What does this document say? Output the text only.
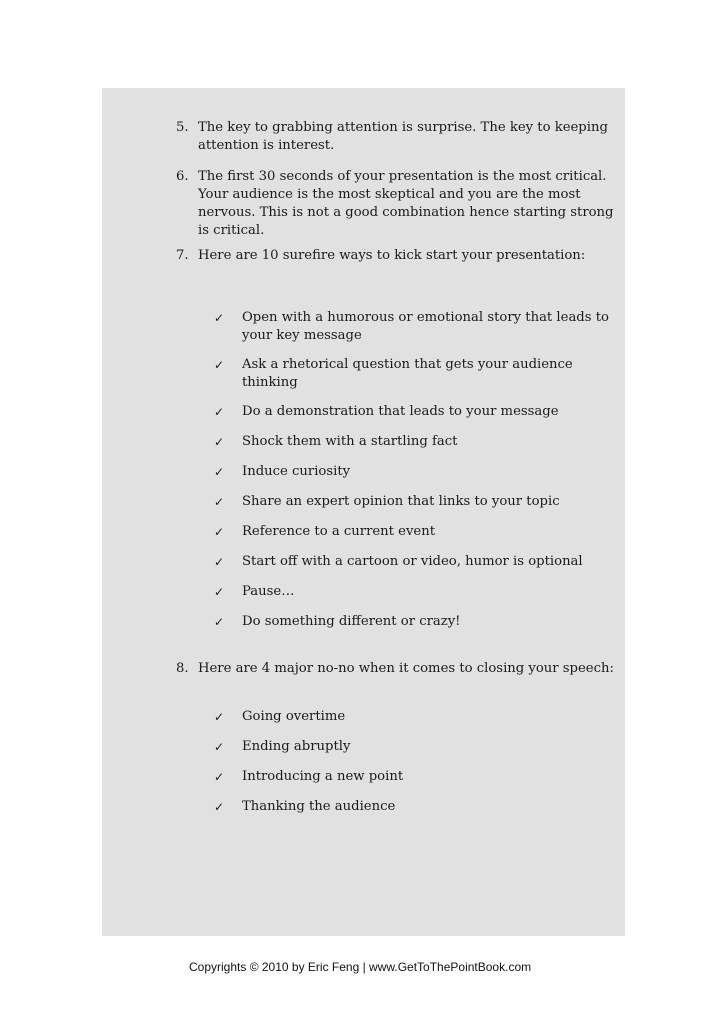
5. The key to grabbing attention is surprise. The key to keeping attention is interest.
6. The first 30 seconds of your presentation is the most critical. Your audience is the most skeptical and you are the most nervous. This is not a good combination hence starting strong is critical.
7. Here are 10 surefire ways to kick start your presentation:
✓	Open with a humorous or emotional story that leads to your key message
✓	Ask a rhetorical question that gets your audience thinking
✓	Do a demonstration that leads to your message
✓	Shock them with a startling fact
✓	Induce curiosity
✓	Share an expert opinion that links to your topic
✓	Reference to a current event
✓	Start off with a cartoon or video, humor is optional
✓	Pause…
✓	Do something different or crazy!
8. Here are 4 major no-no when it comes to closing your speech:
✓	Going overtime
✓	Ending abruptly
✓	Introducing a new point
✓	Thanking the audience
Copyrights © 2010 by Eric Feng | www.GetToThePointBook.com
